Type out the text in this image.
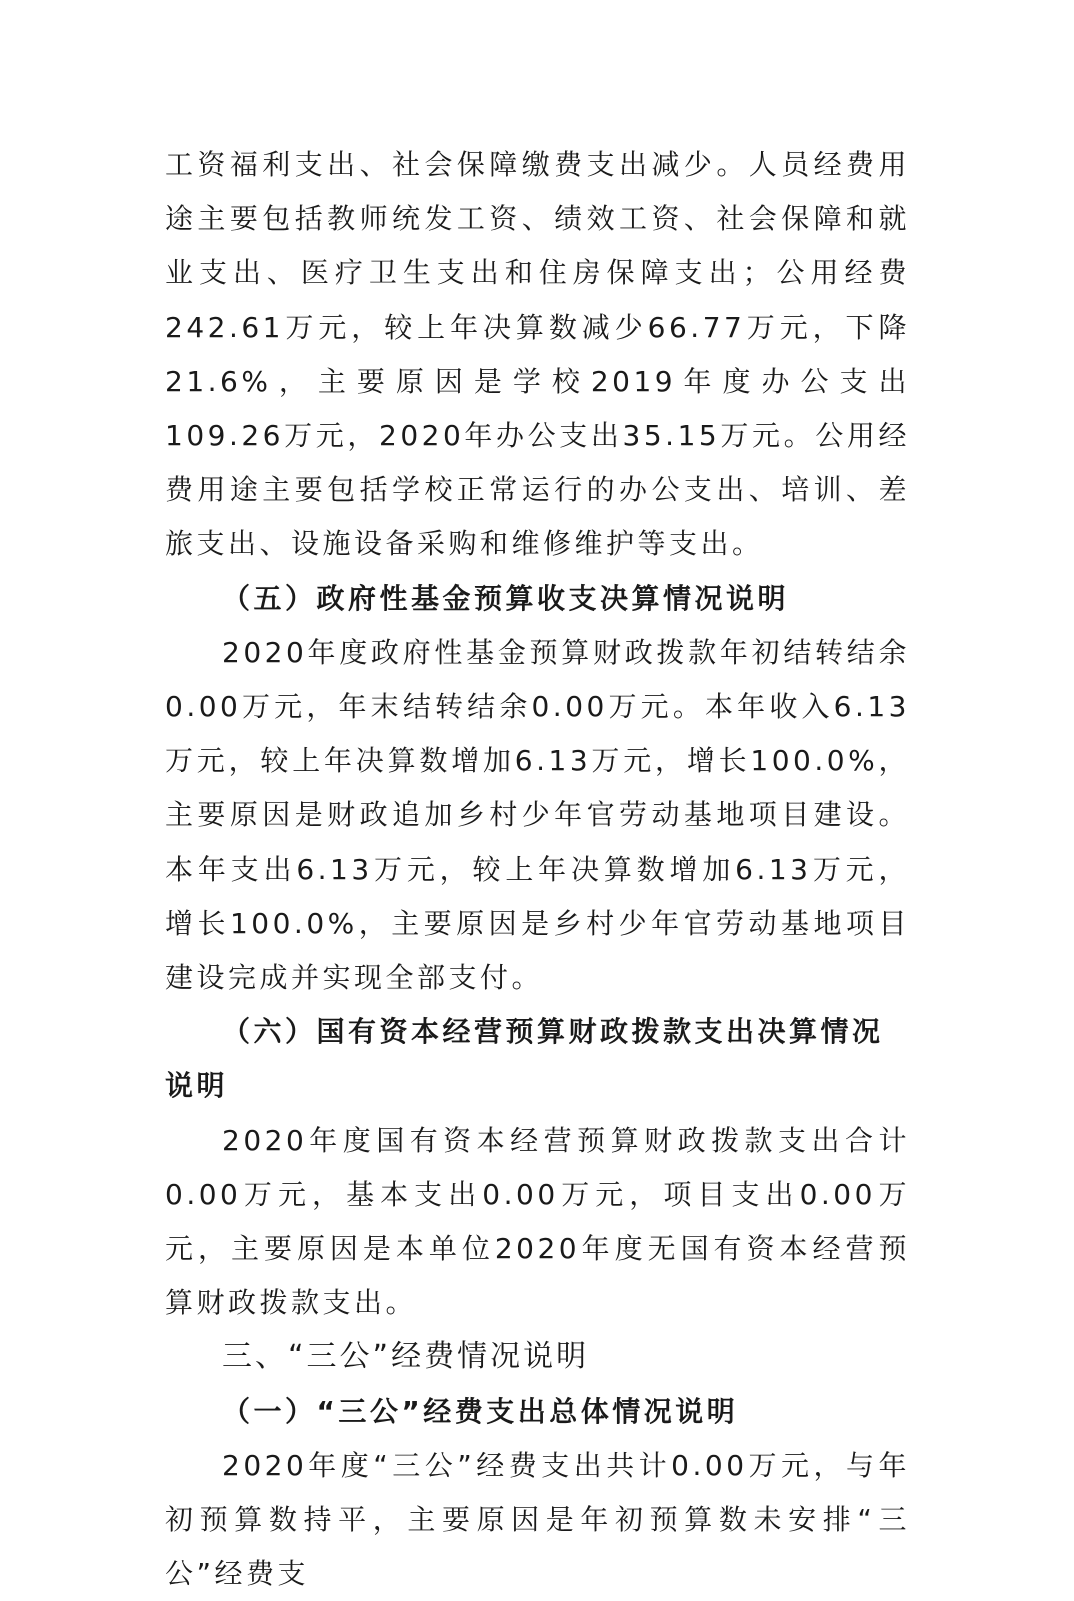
工资福利支出、社会保障缴费支出减少。人员经费用途主要包括教师统发工资、绩效工资、社会保障和就业支出、医疗卫生支出和住房保障支出；公用经费242.61万元，较上年决算数减少66.77万元，下降21.6%，主要原因是学校2019年度办公支出109.26万元，2020年办公支出35.15万元。公用经费用途主要包括学校正常运行的办公支出、培训、差旅支出、设施设备采购和维修维护等支出。

（五）政府性基金预算收支决算情况说明

2020年度政府性基金预算财政拨款年初结转结余0.00万元，年末结转结余0.00万元。本年收入6.13万元，较上年决算数增加6.13万元，增长100.0%，主要原因是财政追加乡村少年官劳动基地项目建设。本年支出6.13万元，较上年决算数增加6.13万元，增长100.0%，主要原因是乡村少年官劳动基地项目建设完成并实现全部支付。

（六）国有资本经营预算财政拨款支出决算情况说明

2020年度国有资本经营预算财政拨款支出合计0.00万元，基本支出0.00万元，项目支出0.00万元，主要原因是本单位2020年度无国有资本经营预算财政拨款支出。

三、“三公”经费情况说明

（一）“三公”经费支出总体情况说明

2020年度“三公”经费支出共计0.00万元，与年初预算数持平，主要原因是年初预算数未安排“三公”经费支
